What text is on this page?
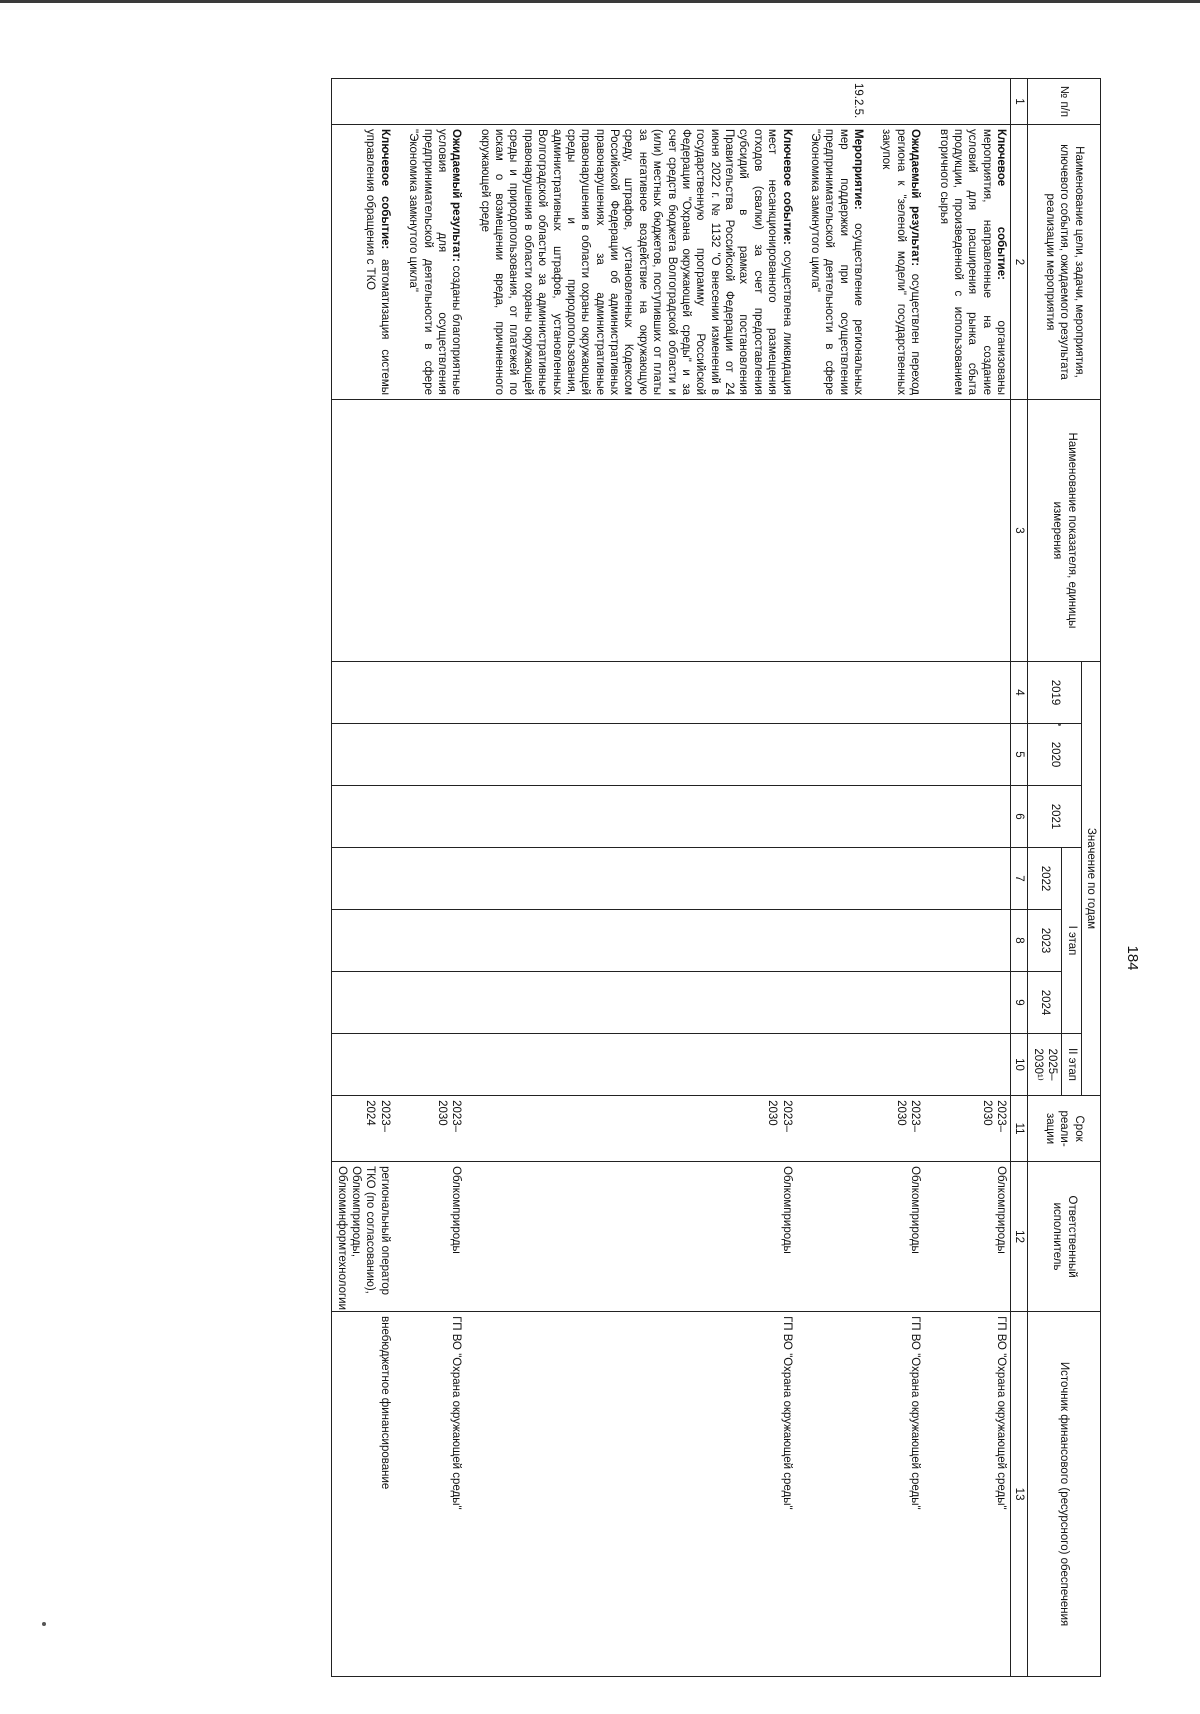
184
№ п/п	Наименование цели, задачи, мероприятия, ключевого события, ожидаемого результата реализации мероприятия	Наименование показателя, единицы измерения	Значение по годам							Срок реали-зации	Ответственный исполнитель	Источник финансового (ресурсного) обеспечения
			2019	2020	2021	I этап			II этап			
						2022	2023	2024	2025–2030¹⁾			
1	2	3	4	5	6	7	8	9	10	11	12	13
	Ключевое событие: организованы мероприятия, направленные на создание условий для расширения рынка сбыта продукции, произведенной с использованием вторичного сырья									2023–2030	Облкомприроды	ГП ВО "Охрана окружающей среды"

	Ожидаемый результат: осуществлен переход региона к "зеленой модели" государственных закупок									2023–2030	Облкомприроды	ГП ВО "Охрана окружающей среды"

19.2.5.	Мероприятие: осуществление региональных мер поддержки при осуществлении предпринимательской деятельности в сфере "Экономика замкнутого цикла"											

	Ключевое событие: осуществлена ликвидация мест несанкционированного размещения отходов (свалки) за счет предоставления субсидий в рамках постановления Правительства Российской Федерации от 24 июня 2022 г. № 1132 "О внесении изменений в государственную программу Российской Федерации "Охрана окружающей среды" и за счет средств бюджета Волгоградской области и (или) местных бюджетов, поступивших от платы за негативное воздействие на окружающую среду, штрафов, установленных Кодексом Российской Федерации об административных правонарушениях за административные правонарушения в области охраны окружающей среды и природопользования, административных штрафов, установленных Волгоградской областью за административные правонарушения в области охраны окружающей среды и природопользования, от платежей по искам о возмещении вреда, причиненного окружающей среде									2023–2030	Облкомприроды	ГП ВО "Охрана окружающей среды"

	Ожидаемый результат: созданы благоприятные условия для осуществления предпринимательской деятельности в сфере "Экономика замкнутого цикла"									2023–2030	Облкомприроды	ГП ВО "Охрана окружающей среды"

	Ключевое событие: автоматизация системы управления обращения с ТКО									2023–2024	региональный оператор ТКО (по согласованию), Облкомприроды, Облкоминформтехнологии	внебюджетное финансирование
